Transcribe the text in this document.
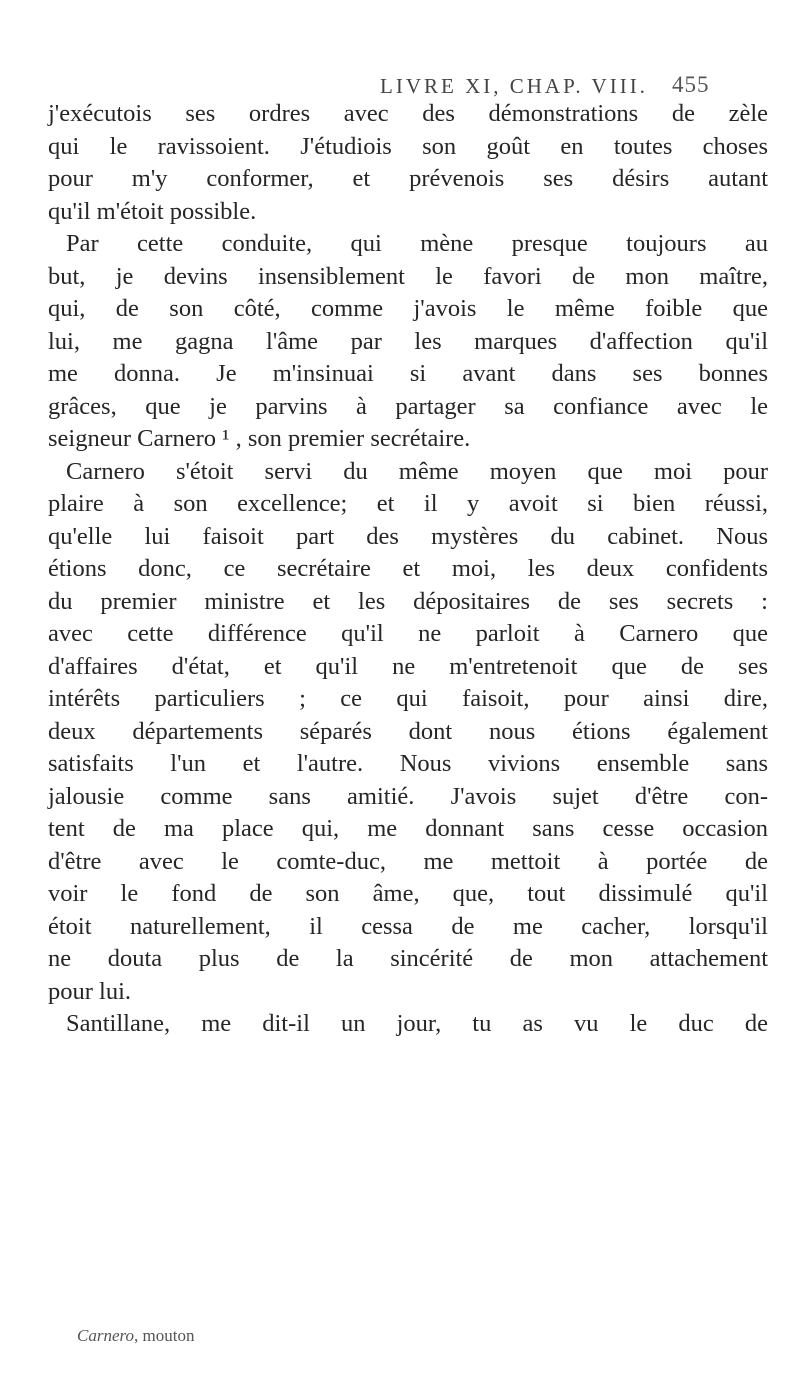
LIVRE XI, CHAP. VIII. 455
j'exécutois ses ordres avec des démonstrations de zèle
qui le ravissoient. J'étudiois son goût en toutes choses
pour m'y conformer, et prévenois ses désirs autant
qu'il m'étoit possible.
Par cette conduite, qui mène presque toujours au
but, je devins insensiblement le favori de mon maître,
qui, de son côté, comme j'avois le même foible que
lui, me gagna l'âme par les marques d'affection qu'il
me donna. Je m'insinuai si avant dans ses bonnes
grâces, que je parvins à partager sa confiance avec le
seigneur Carnero ¹ , son premier secrétaire.
Carnero s'étoit servi du même moyen que moi pour
plaire à son excellence; et il y avoit si bien réussi,
qu'elle lui faisoit part des mystères du cabinet. Nous
étions donc, ce secrétaire et moi, les deux confidents
du premier ministre et les dépositaires de ses secrets :
avec cette différence qu'il ne parloit à Carnero que
d'affaires d'état, et qu'il ne m'entretenoit que de ses
intérêts particuliers ; ce qui faisoit, pour ainsi dire,
deux départements séparés dont nous étions également
satisfaits l'un et l'autre. Nous vivions ensemble sans
jalousie comme sans amitié. J'avois sujet d'être con-
tent de ma place qui, me donnant sans cesse occasion
d'être avec le comte-duc, me mettoit à portée de
voir le fond de son âme, que, tout dissimulé qu'il
étoit naturellement, il cessa de me cacher, lorsqu'il
ne douta plus de la sincérité de mon attachement
pour lui.
Santillane, me dit-il un jour, tu as vu le duc de
Carnero, mouton
